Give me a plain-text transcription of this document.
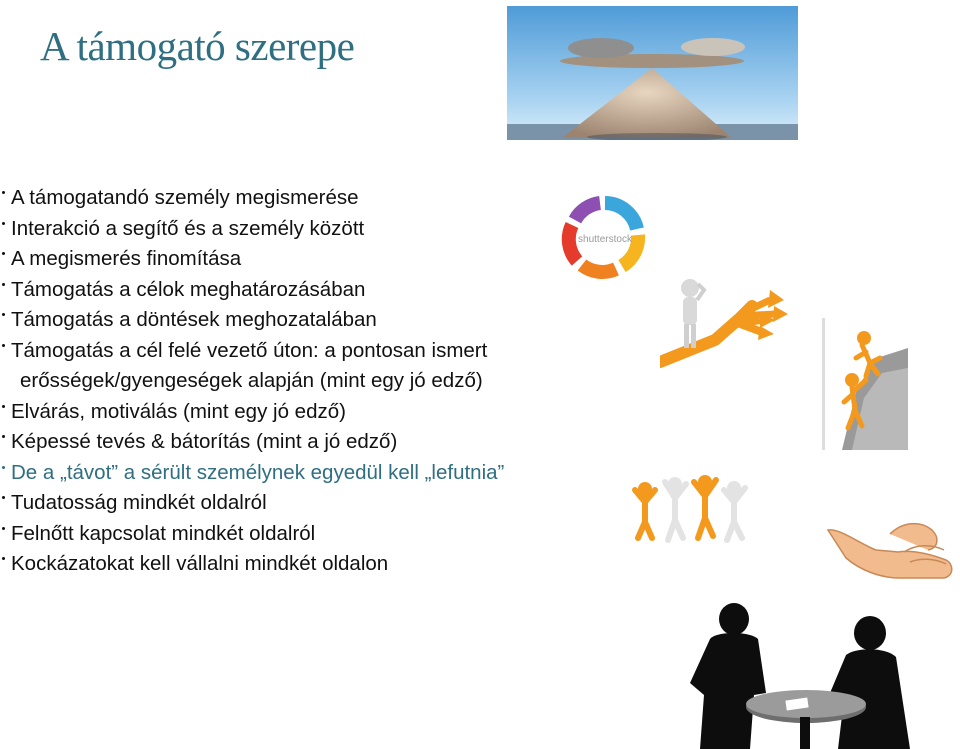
A támogató szerepe
A támogatandó személy megismerése
Interakció a segítő és a személy között
A megismerés finomítása
Támogatás a célok meghatározásában
Támogatás a döntések meghozatalában
Támogatás a cél felé vezető úton: a pontosan ismert
erősségek/gyengeségek alapján (mint egy jó edző)
Elvárás, motiválás (mint egy jó edző)
Képessé tevés & bátorítás (mint a jó edző)
De a „távot” a sérült személynek egyedül kell „lefutnia”
Tudatosság mindkét oldalról
Felnőtt kapcsolat mindkét oldalról
Kockázatokat kell vállalni mindkét oldalon
shutterstock
